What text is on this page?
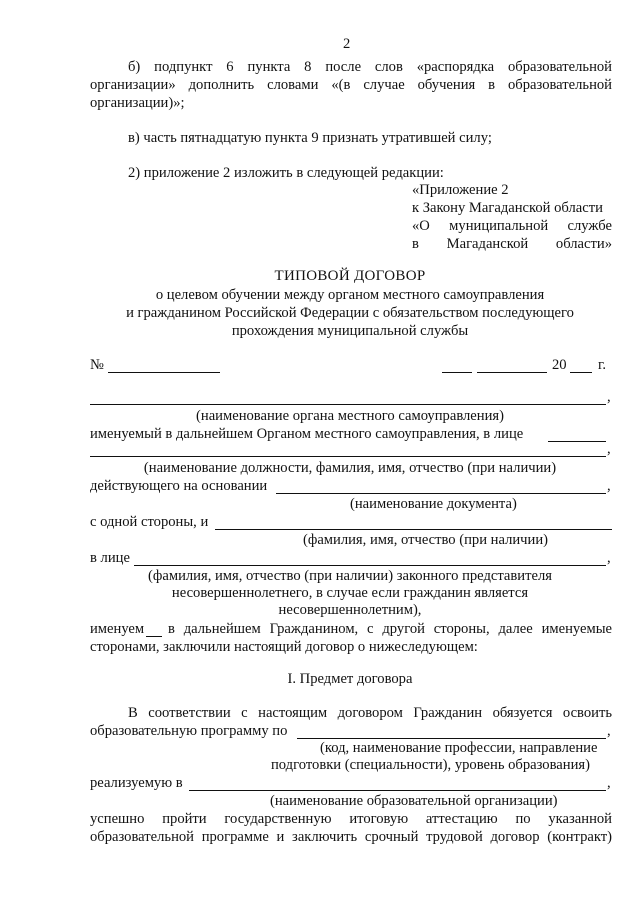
2
б) подпункт 6 пункта 8 после слов «распорядка образовательной
организации» дополнить словами «(в случае обучения в образовательной
организации)»;
в) часть пятнадцатую пункта 9 признать утратившей силу;
2) приложение 2 изложить в следующей редакции:
«Приложение 2
к Закону Магаданской области
«О муниципальной службе
в Магаданской области»
ТИПОВОЙ ДОГОВОР
о целевом обучении между органом местного самоуправления
и гражданином Российской Федерации с обязательством последующего
прохождения муниципальной службы
№	20 г.
,
(наименование органа местного самоуправления)
именуемый в дальнейшем Органом местного самоуправления, в лице
,
(наименование должности, фамилия, имя, отчество (при наличии)
действующего на основании	,
(наименование документа)
с одной стороны, и
(фамилия, имя, отчество (при наличии)
в лице	,
(фамилия, имя, отчество (при наличии) законного представителя
несовершеннолетнего, в случае если гражданин является
несовершеннолетним),
именуем в дальнейшем Гражданином, с другой стороны, далее именуемые
сторонами, заключили настоящий договор о нижеследующем:
I. Предмет договора
В соответствии с настоящим договором Гражданин обязуется освоить
образовательную программу по	,
(код, наименование профессии, направление
подготовки (специальности), уровень образования)
реализуемую в	,
(наименование образовательной организации)
успешно пройти государственную итоговую аттестацию по указанной
образовательной программе и заключить срочный трудовой договор (контракт)
